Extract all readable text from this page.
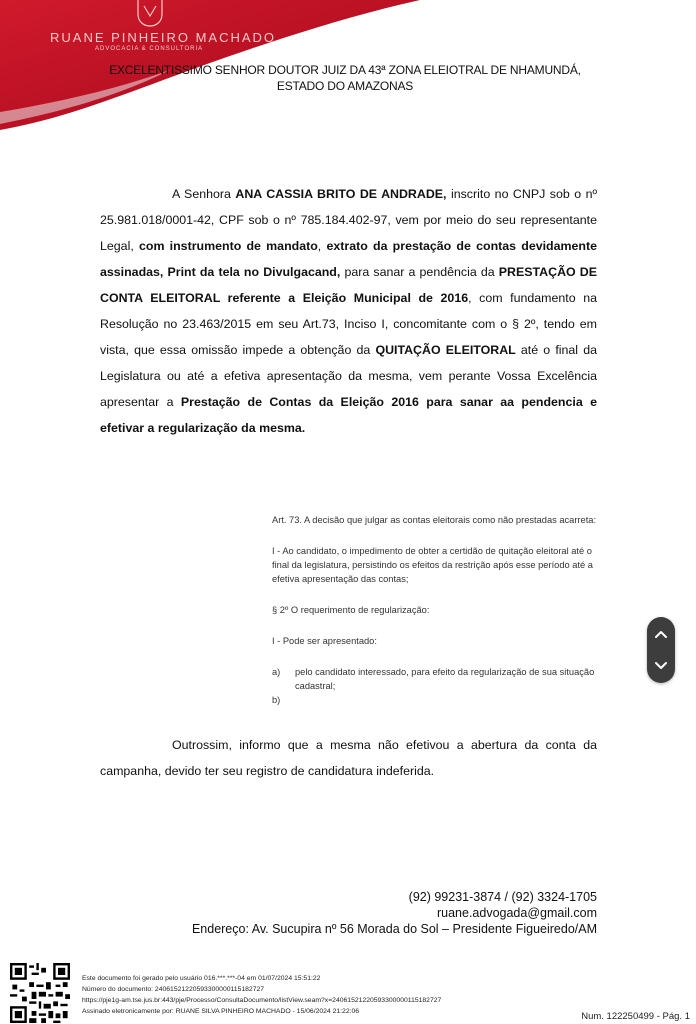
RUANE PINHEIRO MACHADO
ADVOCACIA & CONSULTORIA
EXCELENTISSIMO SENHOR DOUTOR JUIZ DA 43ª ZONA ELEIOTRAL DE NHAMUNDÁ,
ESTADO DO AMAZONAS
A Senhora ANA CASSIA BRITO DE ANDRADE, inscrito no CNPJ sob o nº 25.981.018/0001-42, CPF sob o nº 785.184.402-97, vem por meio do seu representante Legal, com instrumento de mandato, extrato da prestação de contas devidamente assinadas, Print da tela no Divulgacand, para sanar a pendência da PRESTAÇÃO DE CONTA ELEITORAL referente a Eleição Municipal de 2016, com fundamento na Resolução no 23.463/2015 em seu Art.73, Inciso I, concomitante com o § 2º, tendo em vista, que essa omissão impede a obtenção da QUITAÇÃO ELEITORAL até o final da Legislatura ou até a efetiva apresentação da mesma, vem perante Vossa Excelência apresentar a Prestação de Contas da Eleição 2016 para sanar aa pendencia e efetivar a regularização da mesma.

Art. 73. A decisão que julgar as contas eleitorais como não prestadas acarreta:

I - Ao candidato, o impedimento de obter a certidão de quitação eleitoral até o final da legislatura, persistindo os efeitos da restrição após esse período até a efetiva apresentação das contas;

§ 2º O requerimento de regularização:

I - Pode ser apresentado:

a)	pelo candidato interessado, para efeito da regularização de sua situação cadastral;
b)
Outrossim, informo que a mesma não efetivou a abertura da conta da campanha, devido ter seu registro de candidatura indeferida.
(92) 99231-3874 / (92) 3324-1705
ruane.advogada@gmail.com
Endereço: Av. Sucupira nº 56 Morada do Sol – Presidente Figueiredo/AM
Este documento foi gerado pelo usuário 016.***.***-04 em 01/07/2024 15:51:22
Número do documento: 24061521220593300000115182727
https://pje1g-am.tse.jus.br:443/pje/Processo/ConsultaDocumento/listView.seam?x=24061521220593300000115182727
Assinado eletronicamente por: RUANE SILVA PINHEIRO MACHADO - 15/06/2024 21:22:06	Num. 122250499 - Pág. 1
